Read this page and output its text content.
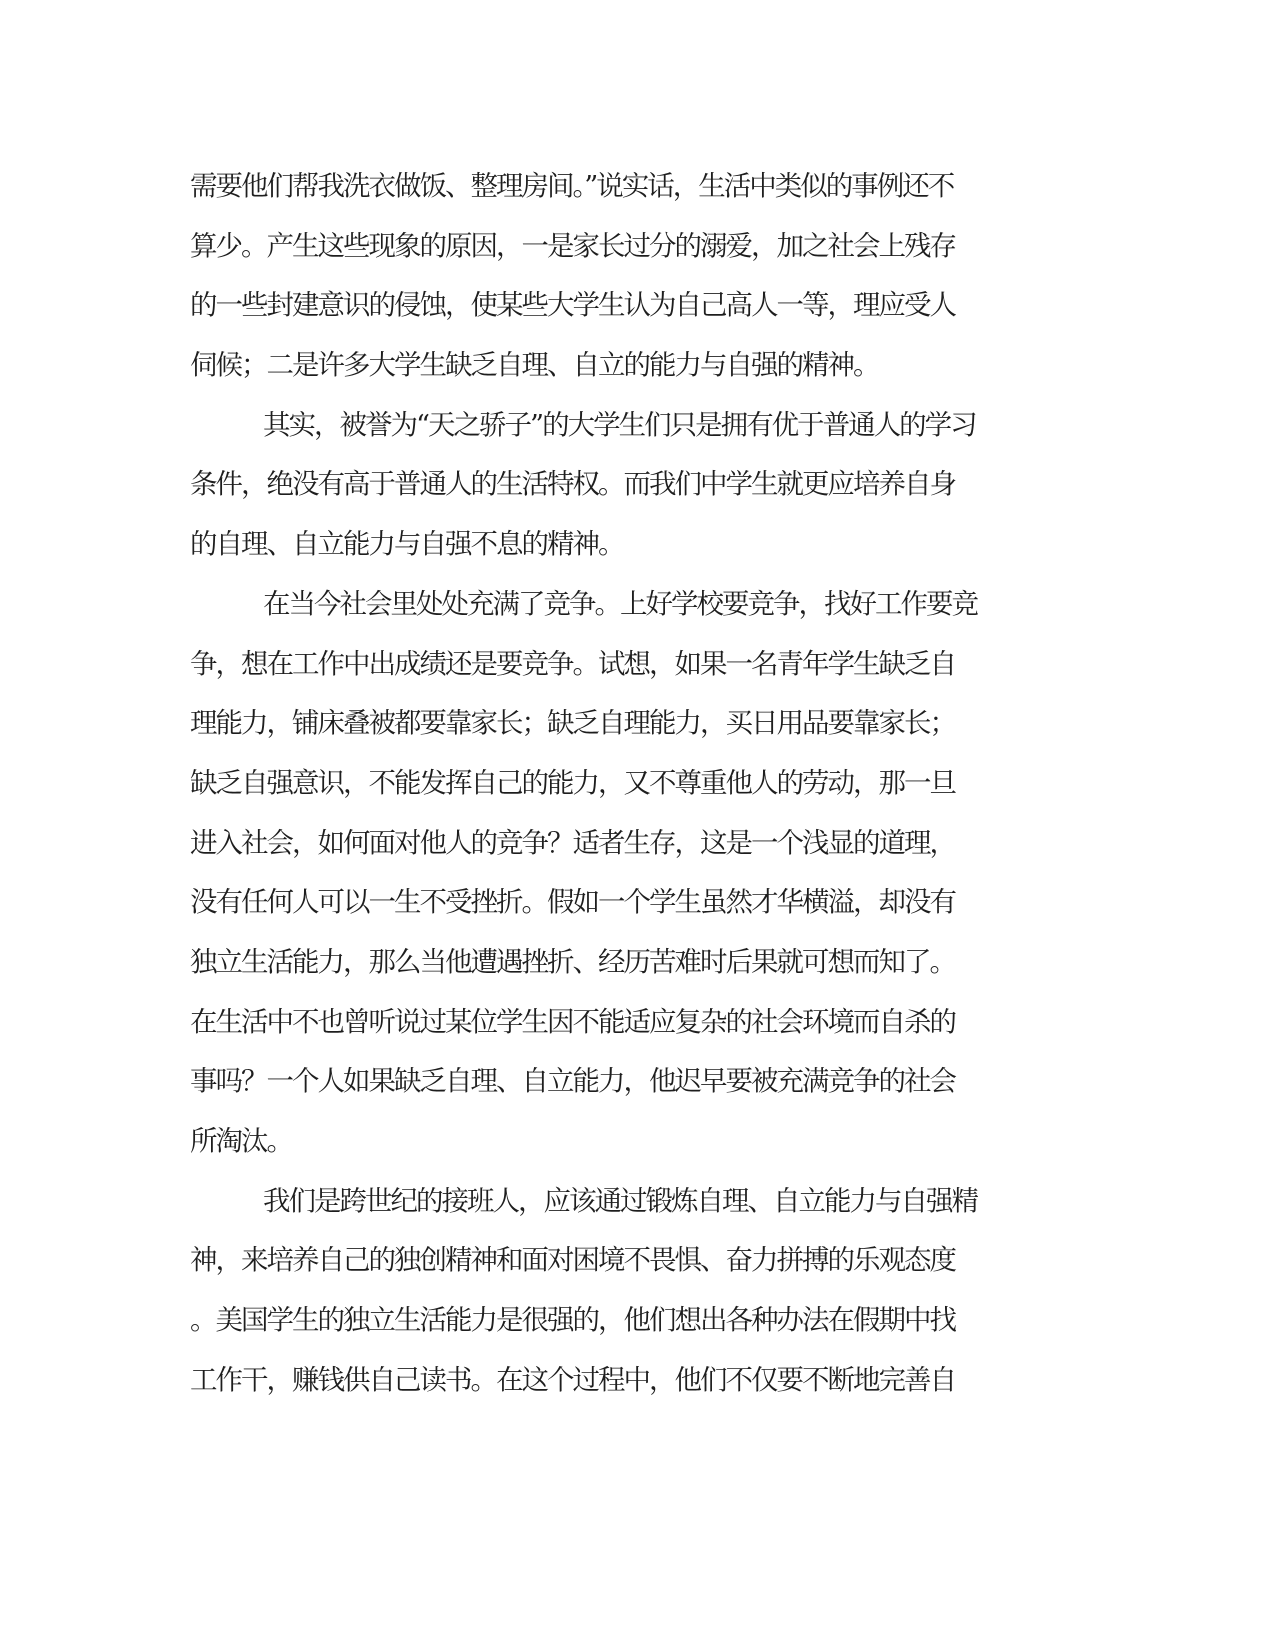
需要他们帮我洗衣做饭、整理房间。”说实话，生活中类似的事例还不
算少。产生这些现象的原因，一是家长过分的溺爱，加之社会上残存
的一些封建意识的侵蚀，使某些大学生认为自己高人一等，理应受人
伺候；二是许多大学生缺乏自理、自立的能力与自强的精神。
其实，被誉为“天之骄子”的大学生们只是拥有优于普通人的学习
条件，绝没有高于普通人的生活特权。而我们中学生就更应培养自身
的自理、自立能力与自强不息的精神。
在当今社会里处处充满了竞争。上好学校要竞争，找好工作要竞
争，想在工作中出成绩还是要竞争。试想，如果一名青年学生缺乏自
理能力，铺床叠被都要靠家长；缺乏自理能力，买日用品要靠家长；
缺乏自强意识，不能发挥自己的能力，又不尊重他人的劳动，那一旦
进入社会，如何面对他人的竞争？适者生存，这是一个浅显的道理，
没有任何人可以一生不受挫折。假如一个学生虽然才华横溢，却没有
独立生活能力，那么当他遭遇挫折、经历苦难时后果就可想而知了。
在生活中不也曾听说过某位学生因不能适应复杂的社会环境而自杀的
事吗？一个人如果缺乏自理、自立能力，他迟早要被充满竞争的社会
所淘汰。
我们是跨世纪的接班人，应该通过锻炼自理、自立能力与自强精
神，来培养自己的独创精神和面对困境不畏惧、奋力拼搏的乐观态度
。美国学生的独立生活能力是很强的，他们想出各种办法在假期中找
工作干，赚钱供自己读书。在这个过程中，他们不仅要不断地完善自
